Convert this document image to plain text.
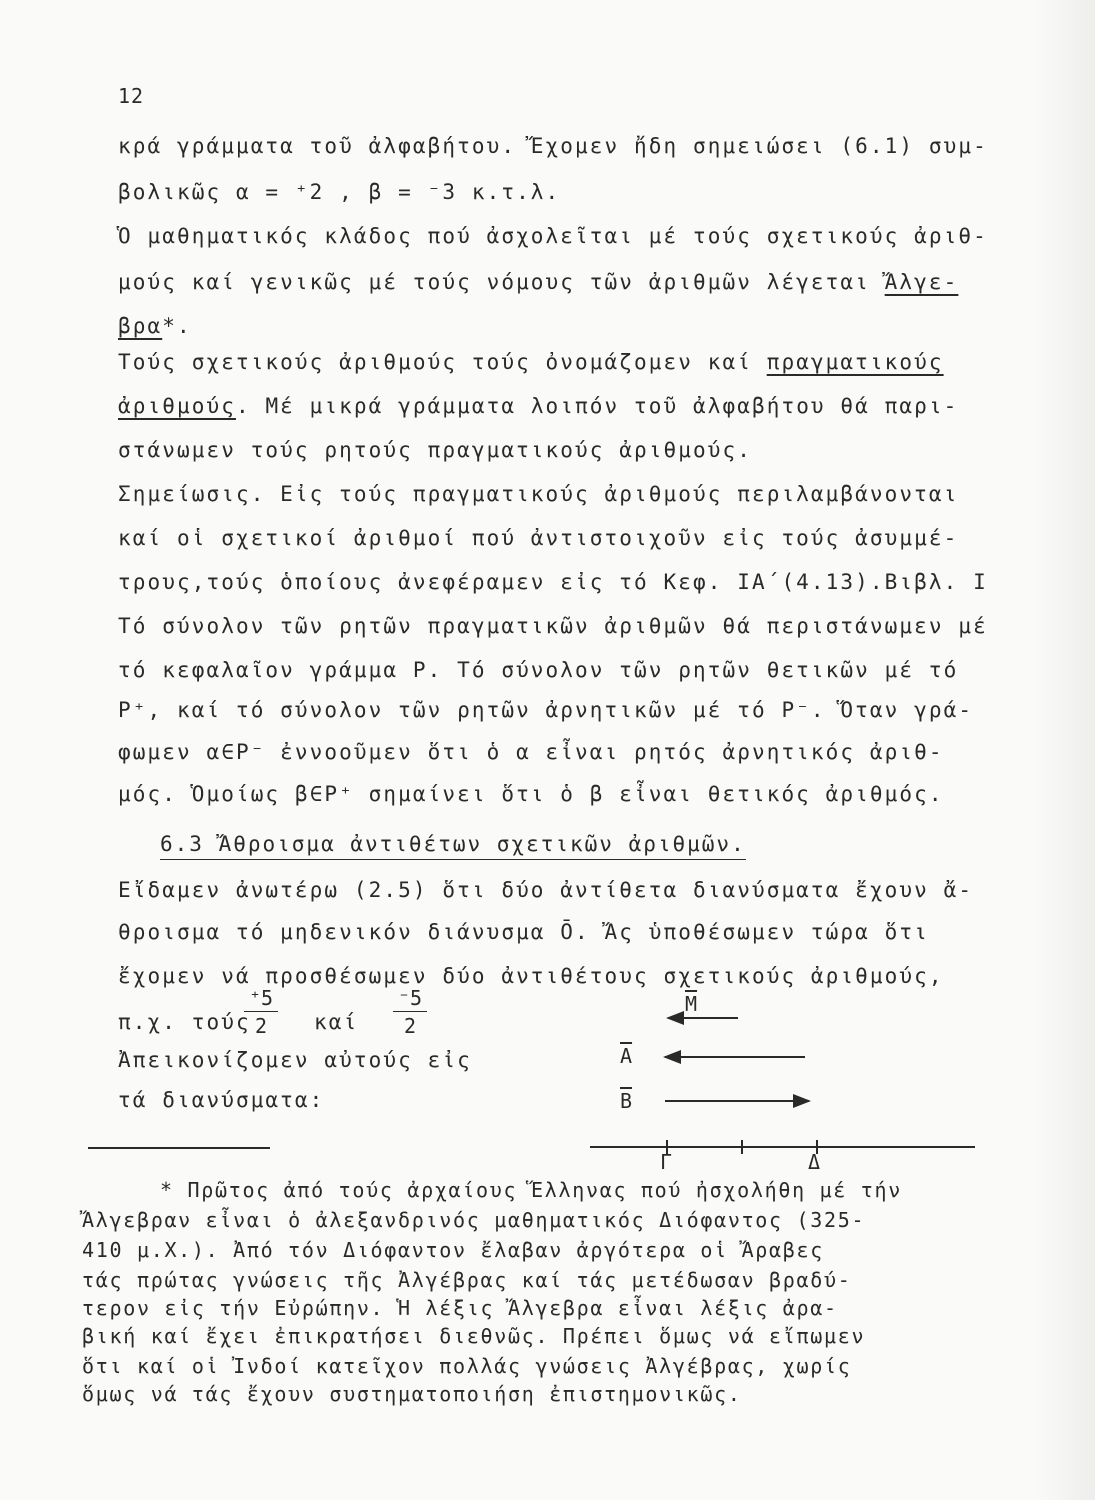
12
κρά γράμματα τοῦ ἀλφαβήτου. Ἔχομεν ἤδη σημειώσει (6.1) συμ-
βολικῶς α = ⁺2 , β = ⁻3 κ.τ.λ.
Ὁ μαθηματικός κλάδος πού ἀσχολεῖται μέ τούς σχετικούς ἀριθ-
μούς καί γενικῶς μέ τούς νόμους τῶν ἀριθμῶν λέγεται Ἄλγε-
βρα*.
Τούς σχετικούς ἀριθμούς τούς ὀνομάζομεν καί πραγματικούς
ἀριθμούς. Μέ μικρά γράμματα λοιπόν τοῦ ἀλφαβήτου θά παρι-
στάνωμεν τούς ρητούς πραγματικούς ἀριθμούς.
Σημείωσις. Εἰς τούς πραγματικούς ἀριθμούς περιλαμβάνονται
καί οἱ σχετικοί ἀριθμοί πού ἀντιστοιχοῦν εἰς τούς ἀσυμμέ-
τρους,τούς ὁποίους ἀνεφέραμεν εἰς τό Κεφ. ΙΑ΄(4.13).Βιβλ. Ι
Τό σύνολον τῶν ρητῶν πραγματικῶν ἀριθμῶν θά περιστάνωμεν μέ
τό κεφαλαῖον γράμμα Ρ. Τό σύνολον τῶν ρητῶν θετικῶν μέ τό
Ρ⁺, καί τό σύνολον τῶν ρητῶν ἀρνητικῶν μέ τό Ρ⁻. Ὅταν γρά-
φωμεν α∈Ρ⁻ ἐννοοῦμεν ὅτι ὁ α εἶναι ρητός ἀρνητικός ἀριθ-
μός. Ὁμοίως β∈Ρ⁺ σημαίνει ὅτι ὁ β εἶναι θετικός ἀριθμός.
6.3 Ἄθροισμα ἀντιθέτων σχετικῶν ἀριθμῶν.
Εἴδαμεν ἀνωτέρω (2.5) ὅτι δύο ἀντίθετα διανύσματα ἔχουν ἄ-
θροισμα τό μηδενικόν διάνυσμα Ō. Ἄς ὑποθέσωμεν τώρα ὅτι
ἔχομεν νά προσθέσωμεν δύο ἀντιθέτους σχετικούς ἀριθμούς,
π.χ. τούς
$\frac{^+5}{2}$ καί $\frac{^-5}{2}$
Ἀπεικονίζομεν αὐτούς εἰς
τά διανύσματα:
$\overline{M}$
$\overline{A}$
$\overline{B}$
Γ	Δ
* Πρῶτος ἀπό τούς ἀρχαίους Ἕλληνας πού ἠσχολήθη μέ τήν
Ἄλγεβραν εἶναι ὁ ἀλεξανδρινός μαθηματικός Διόφαντος (325-
410 μ.Χ.). Ἀπό τόν Διόφαντον ἔλαβαν ἀργότερα οἱ Ἄραβες
τάς πρώτας γνώσεις τῆς Ἀλγέβρας καί τάς μετέδωσαν βραδύ-
τερον εἰς τήν Εὐρώπην. Ἡ λέξις Ἄλγεβρα εἶναι λέξις ἀρα-
βική καί ἔχει ἐπικρατήσει διεθνῶς. Πρέπει ὅμως νά εἴπωμεν
ὅτι καί οἱ Ἰνδοί κατεῖχον πολλάς γνώσεις Ἀλγέβρας, χωρίς
ὅμως νά τάς ἔχουν συστηματοποιήση ἐπιστημονικῶς.
